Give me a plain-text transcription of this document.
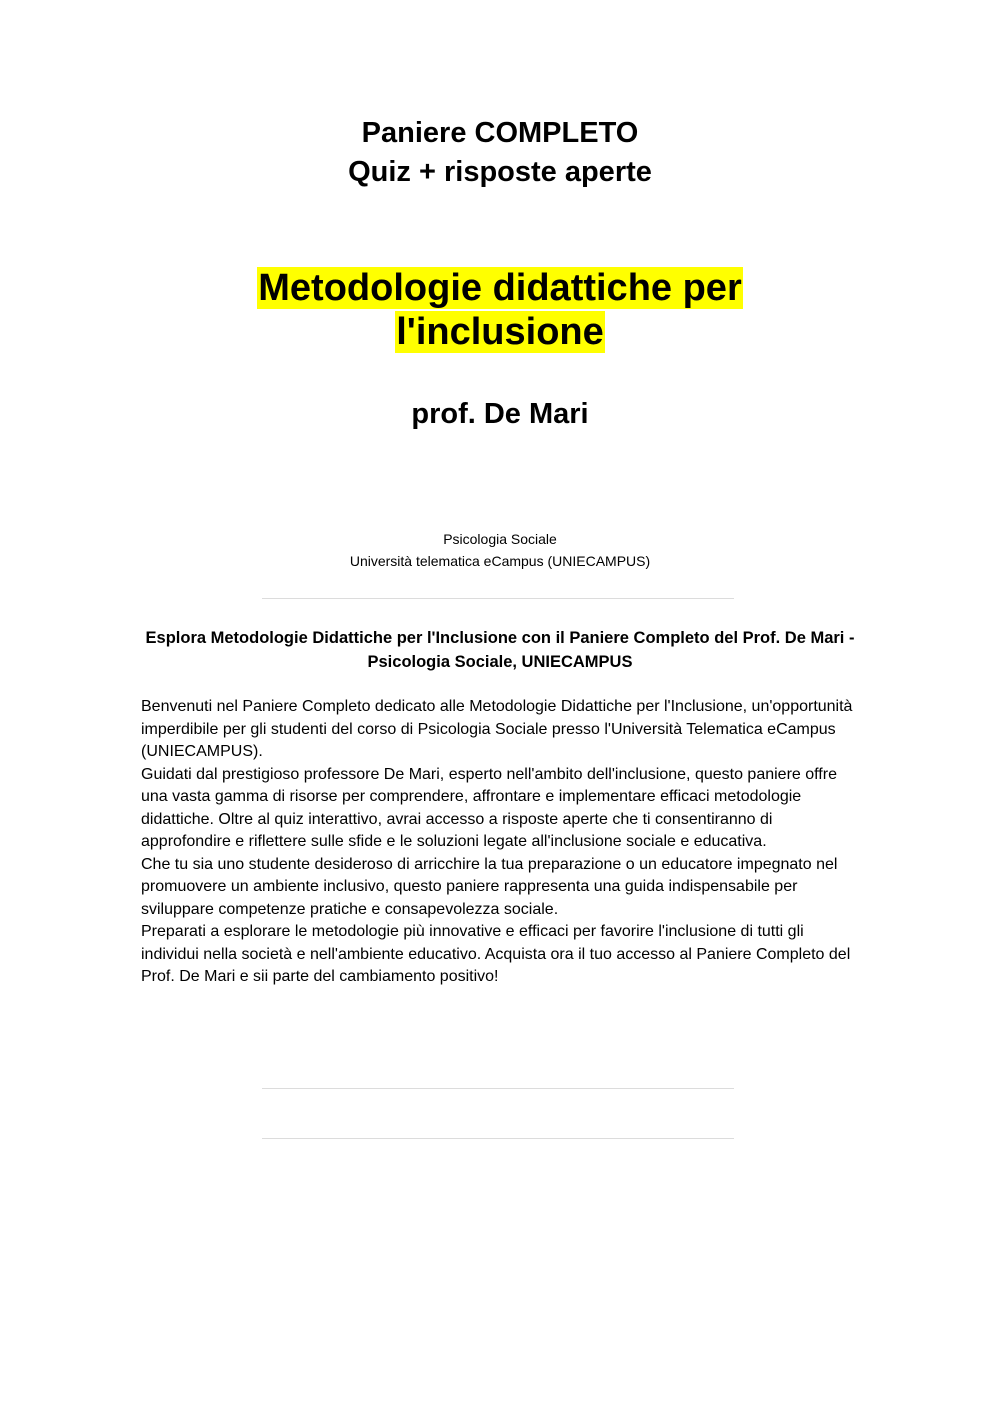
Paniere COMPLETO
Quiz + risposte aperte
Metodologie didattiche per
l'inclusione
prof. De Mari
Psicologia Sociale
Università telematica eCampus (UNIECAMPUS)
Esplora Metodologie Didattiche per l'Inclusione con il Paniere Completo del Prof. De Mari - Psicologia Sociale, UNIECAMPUS

Benvenuti nel Paniere Completo dedicato alle Metodologie Didattiche per l'Inclusione, un'opportunità imperdibile per gli studenti del corso di Psicologia Sociale presso l'Università Telematica eCampus (UNIECAMPUS).

Guidati dal prestigioso professore De Mari, esperto nell'ambito dell'inclusione, questo paniere offre una vasta gamma di risorse per comprendere, affrontare e implementare efficaci metodologie didattiche. Oltre al quiz interattivo, avrai accesso a risposte aperte che ti consentiranno di approfondire e riflettere sulle sfide e le soluzioni legate all'inclusione sociale e educativa.

Che tu sia uno studente desideroso di arricchire la tua preparazione o un educatore impegnato nel promuovere un ambiente inclusivo, questo paniere rappresenta una guida indispensabile per sviluppare competenze pratiche e consapevolezza sociale.

Preparati a esplorare le metodologie più innovative e efficaci per favorire l'inclusione di tutti gli individui nella società e nell'ambiente educativo. Acquista ora il tuo accesso al Paniere Completo del Prof. De Mari e sii parte del cambiamento positivo!
